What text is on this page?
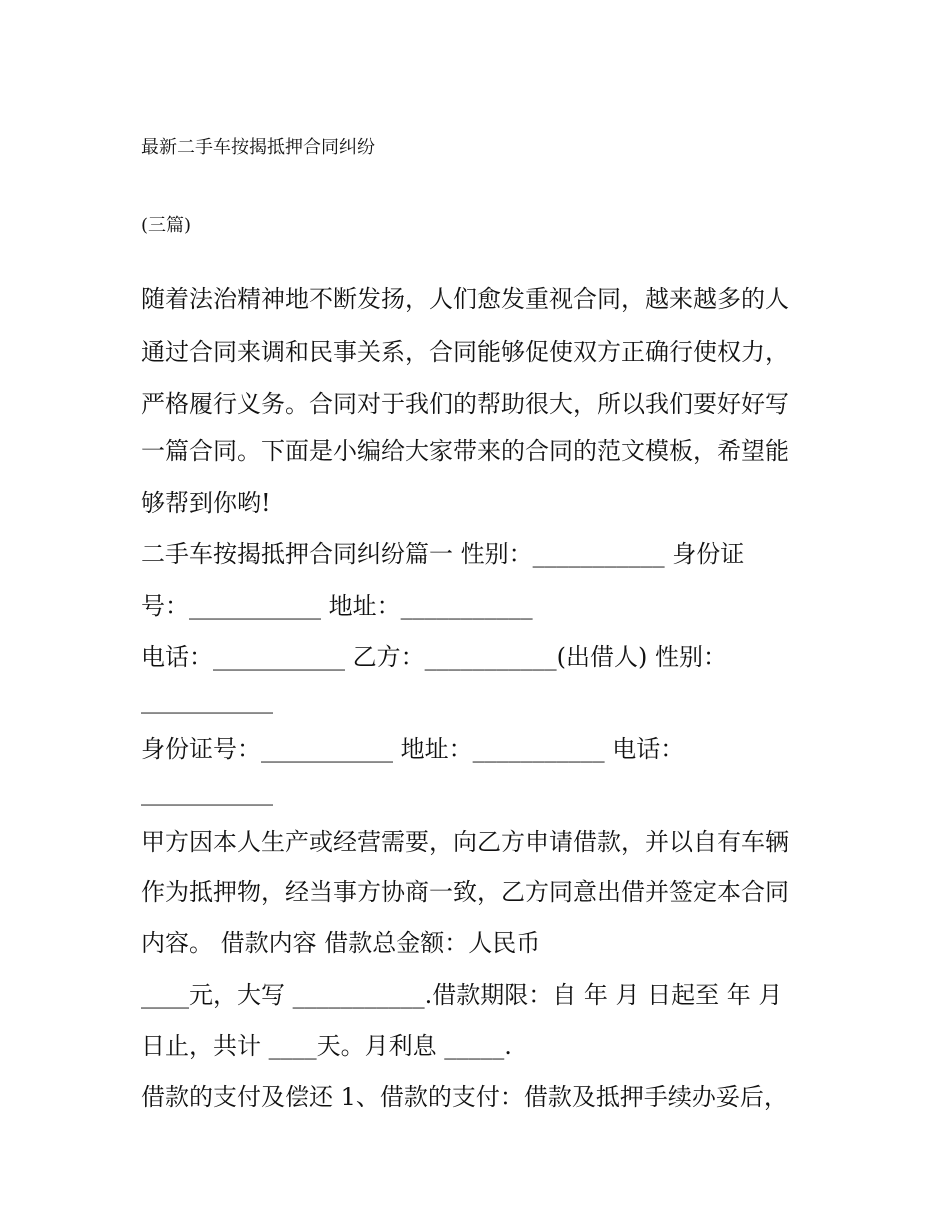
最新二手车按揭抵押合同纠纷
(三篇)

随着法治精神地不断发扬，人们愈发重视合同，越来越多的人

通过合同来调和民事关系，合同能够促使双方正确行使权力，

严格履行义务。合同对于我们的帮助很大，所以我们要好好写

一篇合同。下面是小编给大家带来的合同的范文模板，希望能

够帮到你哟!

二手车按揭抵押合同纠纷篇一 性别：___________ 身份证

号：___________ 地址：___________

电话：___________ 乙方：___________(出借人) 性别：

___________

身份证号：___________ 地址：___________ 电话：

___________

甲方因本人生产或经营需要，向乙方申请借款，并以自有车辆

作为抵押物，经当事方协商一致，乙方同意出借并签定本合同

内容。 借款内容 借款总金额：人民币

____元，大写 ___________.借款期限：自 年 月 日起至 年 月

日止，共计 ____天。月利息 _____.

借款的支付及偿还 1、借款的支付：借款及抵押手续办妥后，
